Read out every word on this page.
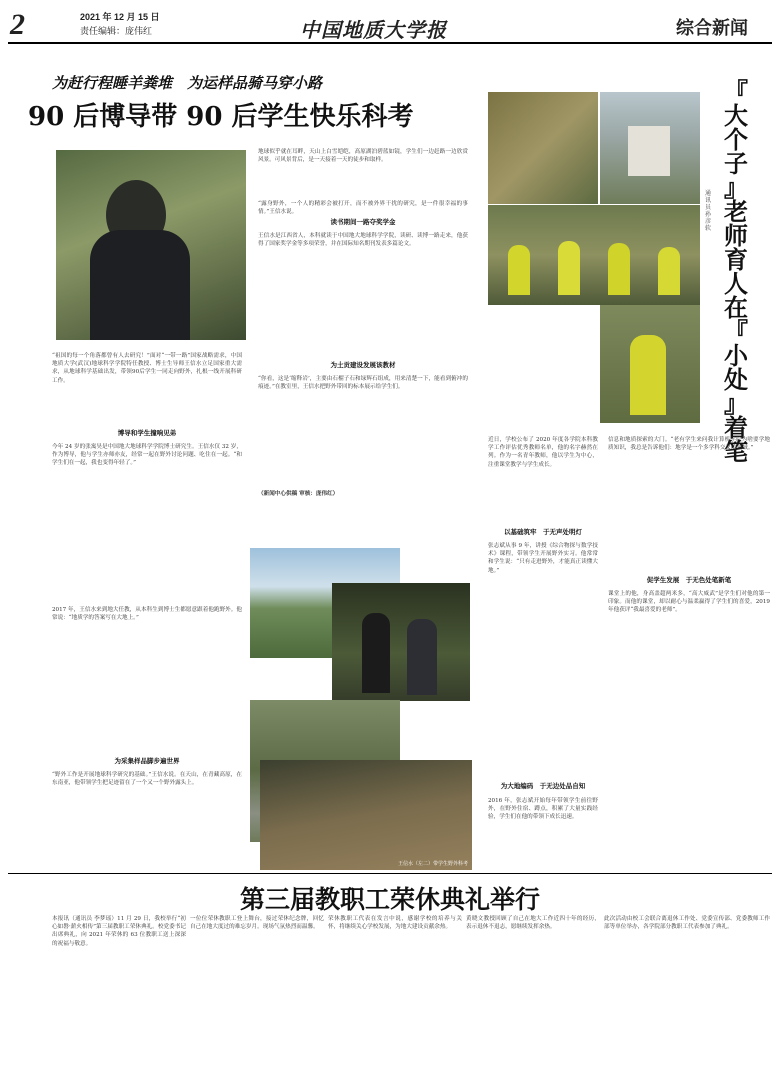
2	2021 年 12 月 15 日
责任编辑：庞伟红	中国地质大学报	综合新闻
为赶行程睡羊粪堆　为运样品骑马穿小路
90 后博导带 90 后学生快乐科考
“祖国的每一个角落都曾有人去研究！”面对“一带一路”国家战略需求，中国地质大学(武汉)地球科学学院特任教授、博士生导师王信水立足国家重大需求，从地球科学基础出发，带领90后学生一同走向野外，扎根一线开展科研工作。
博导和学生撞响见弟
今年 24 岁的张寓昊是中国地大地球科学学院博士研究生。王信水仅 32 岁，作为博导，他与学生亦师亦友，经常一起在野外讨论问题、吃住在一起。“和学生们在一起，我也变得年轻了。”
2017 年，王信水来到地大任教，从本科生到博士生都愿意跟着他跑野外。他常说：“地质学的答案写在大地上。”
为采集样品脚步遍世界
“野外工作是开展地球科学研究的基础。”王信水说。在天山，在青藏高原，在东南亚，他带领学生把足迹留在了一个又一个野外露头上。
地球似乎就在耳畔，天山上白雪皑皑，高原湖泊碧蓝如镜，学生们一边赶路一边欣赏风景。可风景背后，是一天接着一天的徒步和取样。
“露身野外，一个人的精彩会被打开，而不被外界干扰的研究，是一件很幸福的事情。”王信水说。
读书期间一路夺奖学金
王信水是江西省人，本科就读于中国地大地球科学学院，读研、读博一路走来，他获得了国家奖学金等多项荣誉，并在国际知名期刊发表多篇论文。
为土贡建设发展该教材
“你看，这是‘缩释岩’，主要由石榴子石和绿辉石组成，用来清楚一下，能看到俯冲的痕迹。”在教室里，王信水把野外带回的标本展示给学生们。
（新闻中心供稿 审核：庞伟红）
王信水（左二）带学生野外科考
『
大
个
子
』
老
师
育
人
在
『
小
处
』
着
笔
通讯员 孙彦软
近日，学校公布了 2020 年度各学院本科教学工作评估优秀教师名单，他的名字赫然在列。作为一名青年教师，他以学生为中心，注重课堂教学与学生成长。
以基础筑牢　于无声处明灯
张志斌从事 9 年，讲授《综合物探与数学技术》课程，带领学生开展野外实习。他常常和学生说：“只有走进野外，才能真正读懂大地。”
为大地编码　于无边处品自知
2016 年，张志斌开始每年带领学生前往野外，在野外住宿、蹲点，积累了大量实践经验，学生们在他的带领下成长迅速。
信息和地质探索的大门。“老有学生来问我计算机学院为啥要学地质知识，我总是告诉他们：地学是一个多学科交叉的领域。”
促学生发展　于无色处笔新笔
课堂上的他，身高盖超两米多，“高大威武”是学生们对他的第一印象。而他的课堂，却以耐心与温柔赢得了学生们的喜爱，2019 年他获评“我最喜爱的老师”。
第三届教职工荣休典礼举行
本报讯（通讯员 李梦瑶）11 月 29 日，我校举行“初心如磐·薪火相传”第三届教职工荣休典礼。校党委书记出席典礼，向 2021 年荣休的 63 位教职工送上深深的祝福与敬意。
一位位荣休教职工登上舞台，接过荣休纪念牌，回忆自己在地大度过的难忘岁月。现场气氛热烈而温馨。
荣休教职工代表在发言中说，感谢学校的培养与关怀，将继续关心学校发展，为地大建设贡献余热。
黄晓文教授回顾了自己在地大工作近四十年的经历，表示退休不退志，愿继续发挥余热。
此次活动由校工会联合离退休工作处、党委宣传部、党委教师工作部等单位举办，各学院部分教职工代表参加了典礼。
